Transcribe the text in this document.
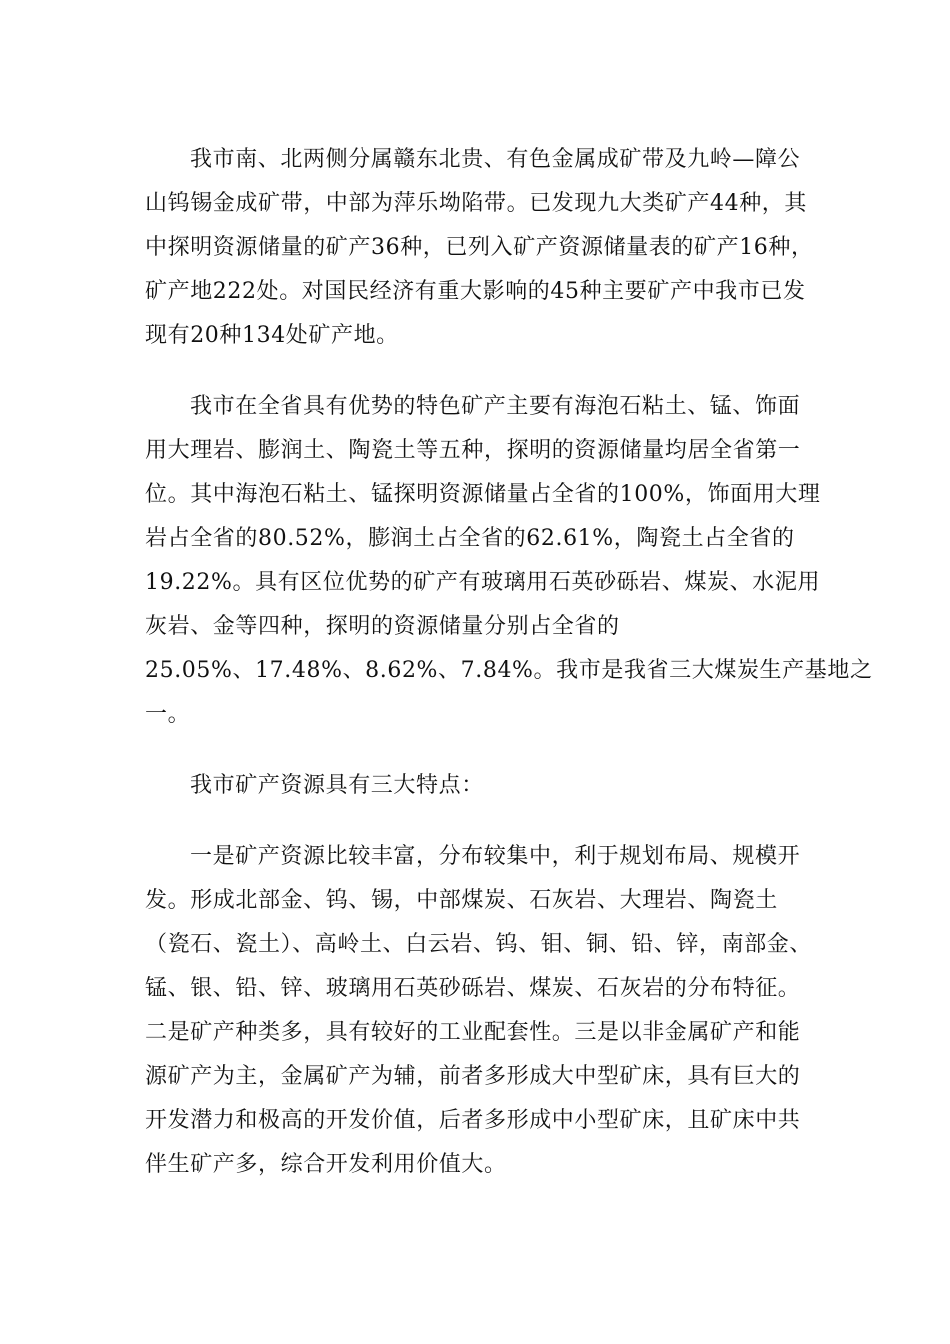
我市南、北两侧分属赣东北贵、有色金属成矿带及九岭—障公
山钨锡金成矿带，中部为萍乐坳陷带。已发现九大类矿产44种，其
中探明资源储量的矿产36种，已列入矿产资源储量表的矿产16种，
矿产地222处。对国民经济有重大影响的45种主要矿产中我市已发
现有20种134处矿产地。
我市在全省具有优势的特色矿产主要有海泡石粘土、锰、饰面
用大理岩、膨润土、陶瓷土等五种，探明的资源储量均居全省第一
位。其中海泡石粘土、锰探明资源储量占全省的100%，饰面用大理
岩占全省的80.52%，膨润土占全省的62.61%，陶瓷土占全省的
19.22%。具有区位优势的矿产有玻璃用石英砂砾岩、煤炭、水泥用
灰岩、金等四种，探明的资源储量分别占全省的
25.05%、17.48%、8.62%、7.84%。我市是我省三大煤炭生产基地之
一。
我市矿产资源具有三大特点：
一是矿产资源比较丰富，分布较集中，利于规划布局、规模开
发。形成北部金、钨、锡，中部煤炭、石灰岩、大理岩、陶瓷土
（瓷石、瓷土）、高岭土、白云岩、钨、钼、铜、铅、锌，南部金、
锰、银、铅、锌、玻璃用石英砂砾岩、煤炭、石灰岩的分布特征。
二是矿产种类多，具有较好的工业配套性。三是以非金属矿产和能
源矿产为主，金属矿产为辅，前者多形成大中型矿床，具有巨大的
开发潜力和极高的开发价值，后者多形成中小型矿床，且矿床中共
伴生矿产多，综合开发利用价值大。
